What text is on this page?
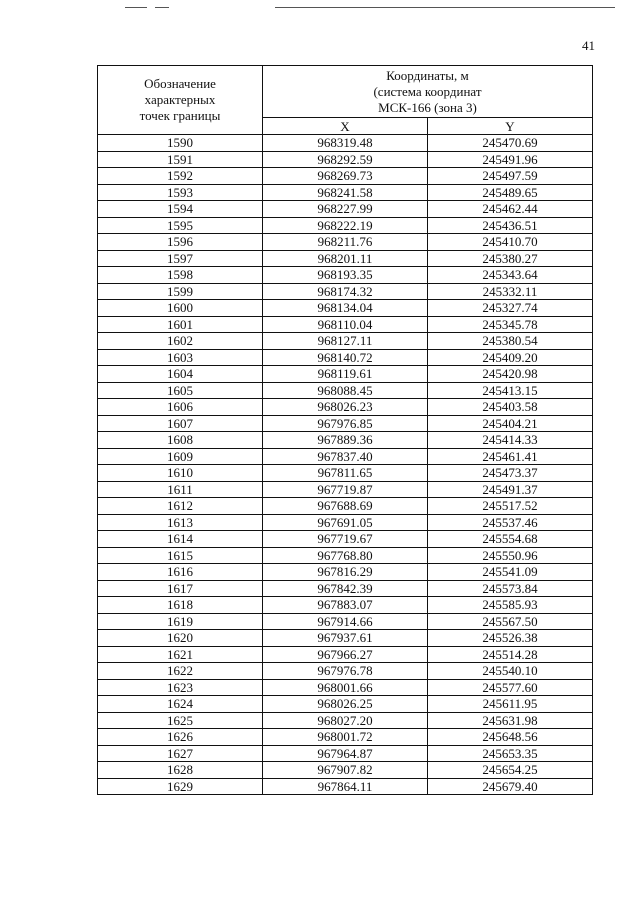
41
Обозначение
характерных
точек границы	Координаты, м
(система координат
МСК-166 (зона 3)	

	X	Y
1590	968319.48	245470.69
1591	968292.59	245491.96
1592	968269.73	245497.59
1593	968241.58	245489.65
1594	968227.99	245462.44
1595	968222.19	245436.51
1596	968211.76	245410.70
1597	968201.11	245380.27
1598	968193.35	245343.64
1599	968174.32	245332.11
1600	968134.04	245327.74
1601	968110.04	245345.78
1602	968127.11	245380.54
1603	968140.72	245409.20
1604	968119.61	245420.98
1605	968088.45	245413.15
1606	968026.23	245403.58
1607	967976.85	245404.21
1608	967889.36	245414.33
1609	967837.40	245461.41
1610	967811.65	245473.37
1611	967719.87	245491.37
1612	967688.69	245517.52
1613	967691.05	245537.46
1614	967719.67	245554.68
1615	967768.80	245550.96
1616	967816.29	245541.09
1617	967842.39	245573.84
1618	967883.07	245585.93
1619	967914.66	245567.50
1620	967937.61	245526.38
1621	967966.27	245514.28
1622	967976.78	245540.10
1623	968001.66	245577.60
1624	968026.25	245611.95
1625	968027.20	245631.98
1626	968001.72	245648.56
1627	967964.87	245653.35
1628	967907.82	245654.25
1629	967864.11	245679.40
